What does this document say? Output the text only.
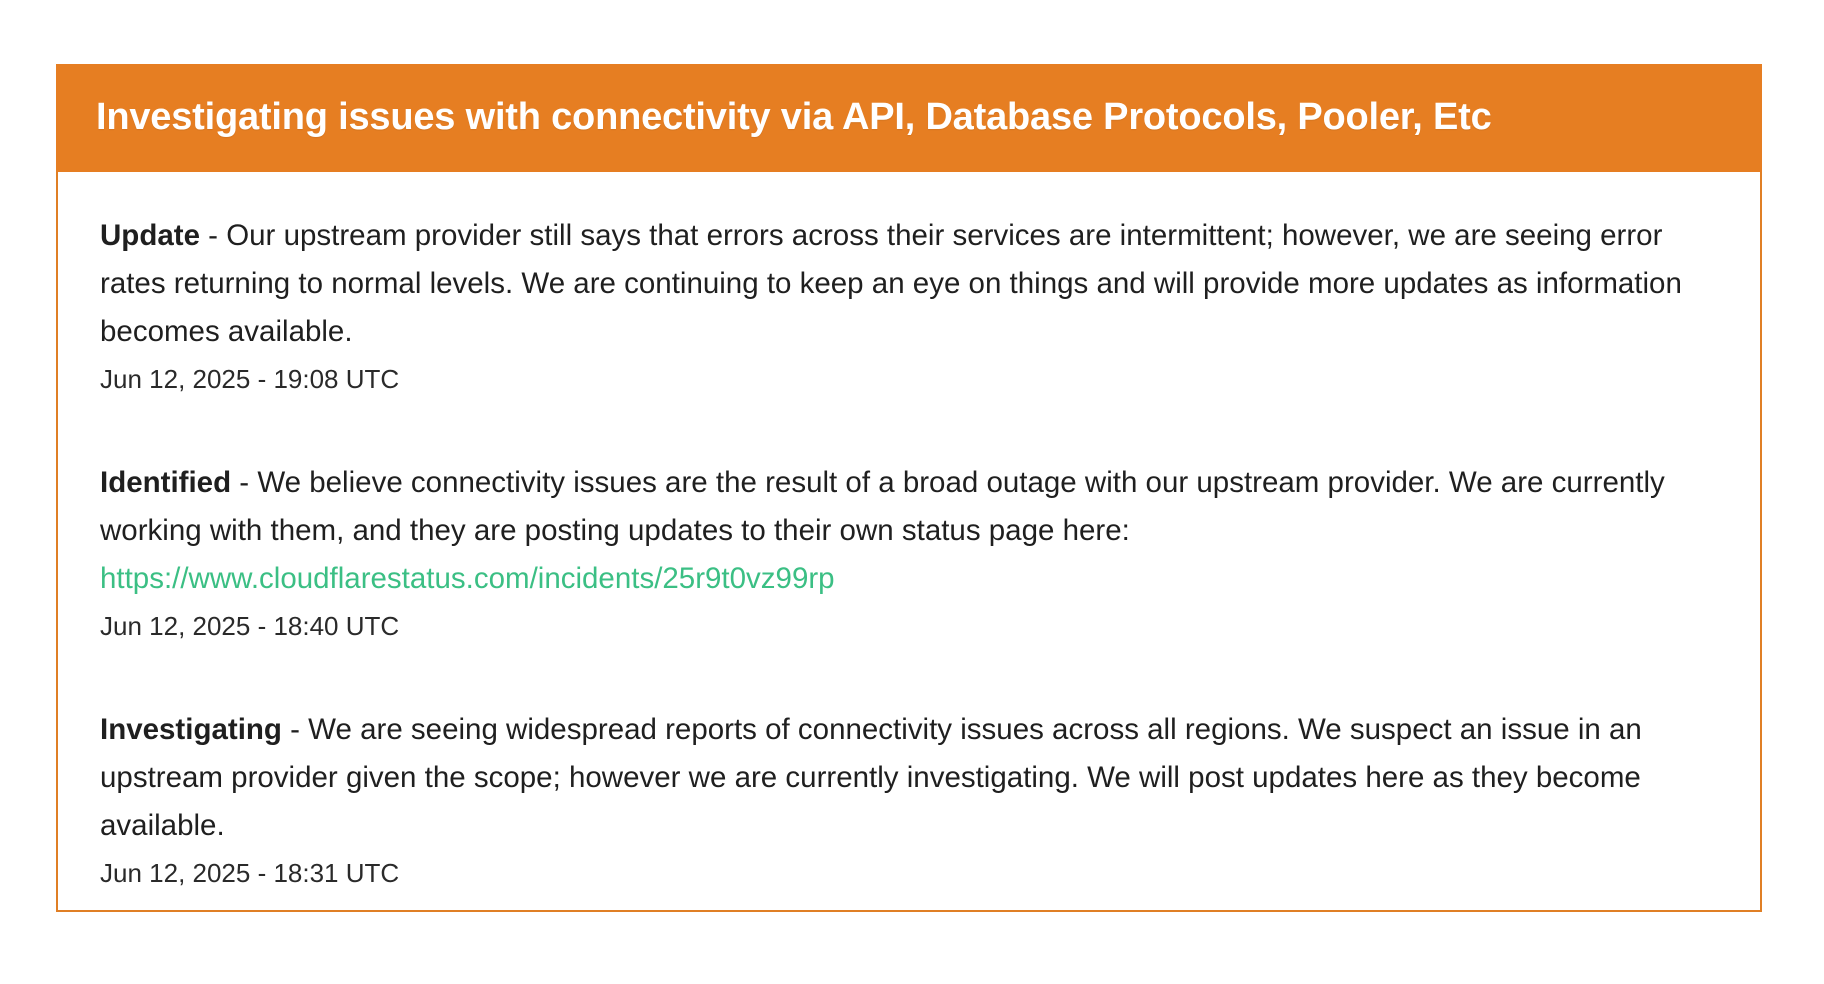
Investigating issues with connectivity via API, Database Protocols, Pooler, Etc

Update - Our upstream provider still says that errors across their services are intermittent; however, we are seeing error rates returning to normal levels. We are continuing to keep an eye on things and will provide more updates as information becomes available.

Jun 12, 2025 - 19:08 UTC

Identified - We believe connectivity issues are the result of a broad outage with our upstream provider. We are currently working with them, and they are posting updates to their own status page here:
https://www.cloudflarestatus.com/incidents/25r9t0vz99rp

Jun 12, 2025 - 18:40 UTC

Investigating - We are seeing widespread reports of connectivity issues across all regions. We suspect an issue in an upstream provider given the scope; however we are currently investigating. We will post updates here as they become available.

Jun 12, 2025 - 18:31 UTC
